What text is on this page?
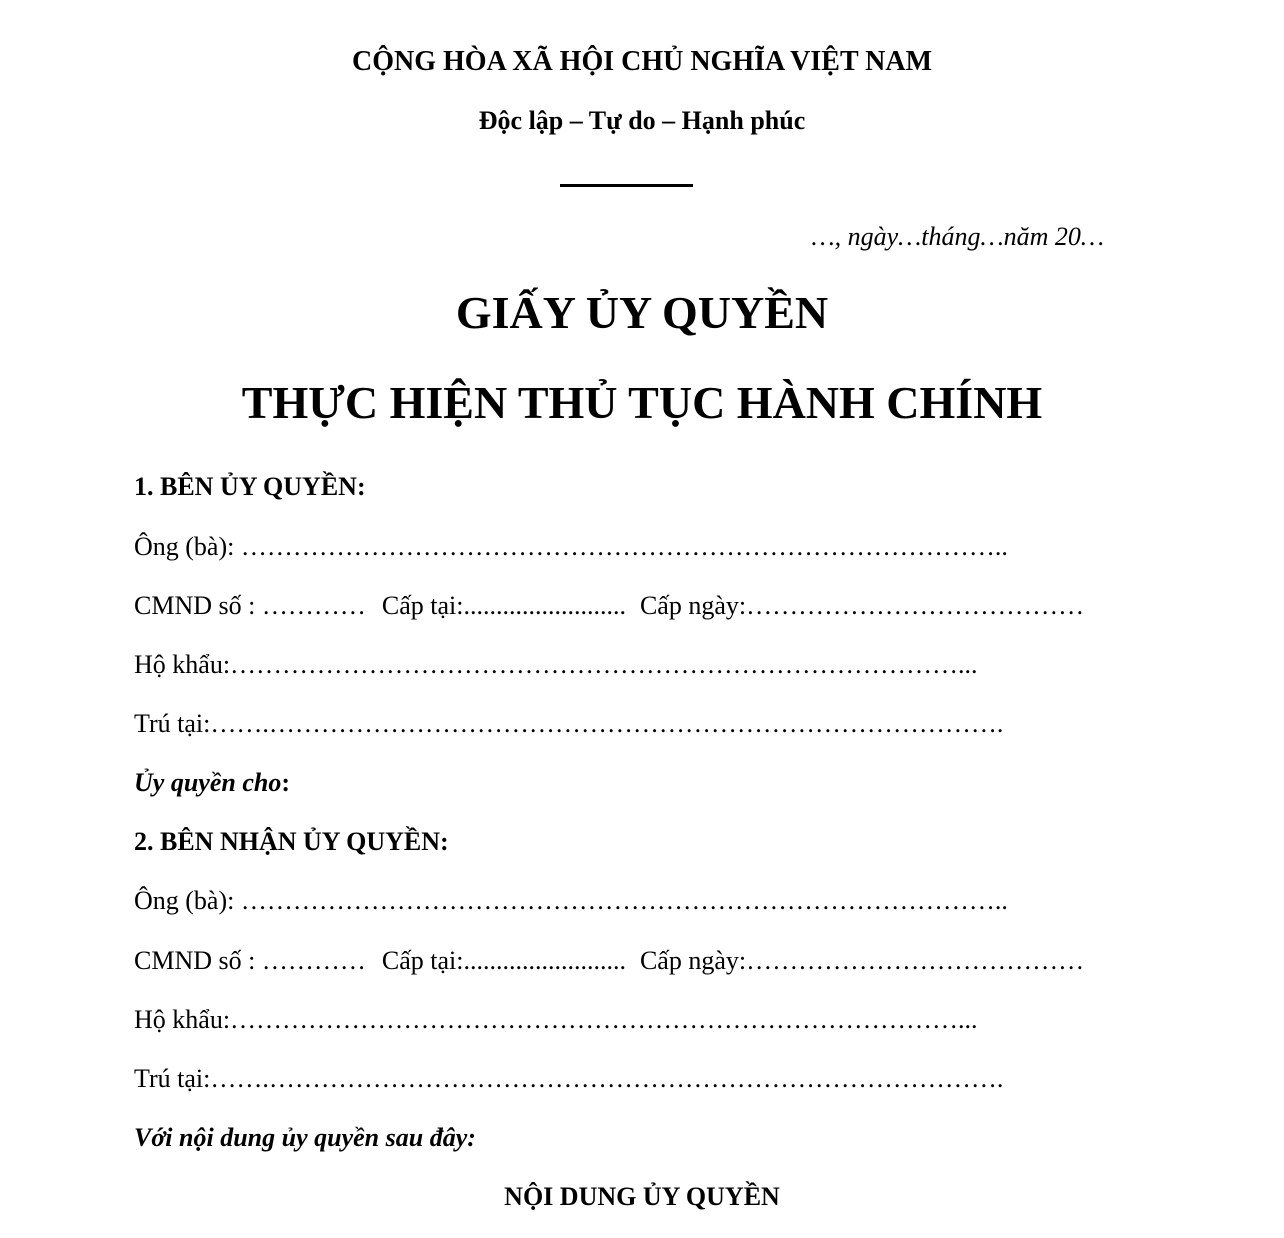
CỘNG HÒA XÃ HỘI CHỦ NGHĨA VIỆT NAM
Độc lập – Tự do – Hạnh phúc
…, ngày…tháng…năm 20…
GIẤY ỦY QUYỀN
THỰC HIỆN THỦ TỤC HÀNH CHÍNH
1. BÊN ỦY QUYỀN:
Ông (bà): ……………………………………………………………………………..
CMND số : ………… Cấp tại:......................... Cấp ngày:…………………………………
Hộ khẩu:…………………………………………………………………………...
Trú tại:…….………………………………………………………………………….
Ủy quyền cho:
2. BÊN NHẬN ỦY QUYỀN:
Ông (bà): ……………………………………………………………………………..
CMND số : ………… Cấp tại:......................... Cấp ngày:…………………………………
Hộ khẩu:…………………………………………………………………………...
Trú tại:…….………………………………………………………………………….
Với nội dung ủy quyền sau đây:
NỘI DUNG ỦY QUYỀN
